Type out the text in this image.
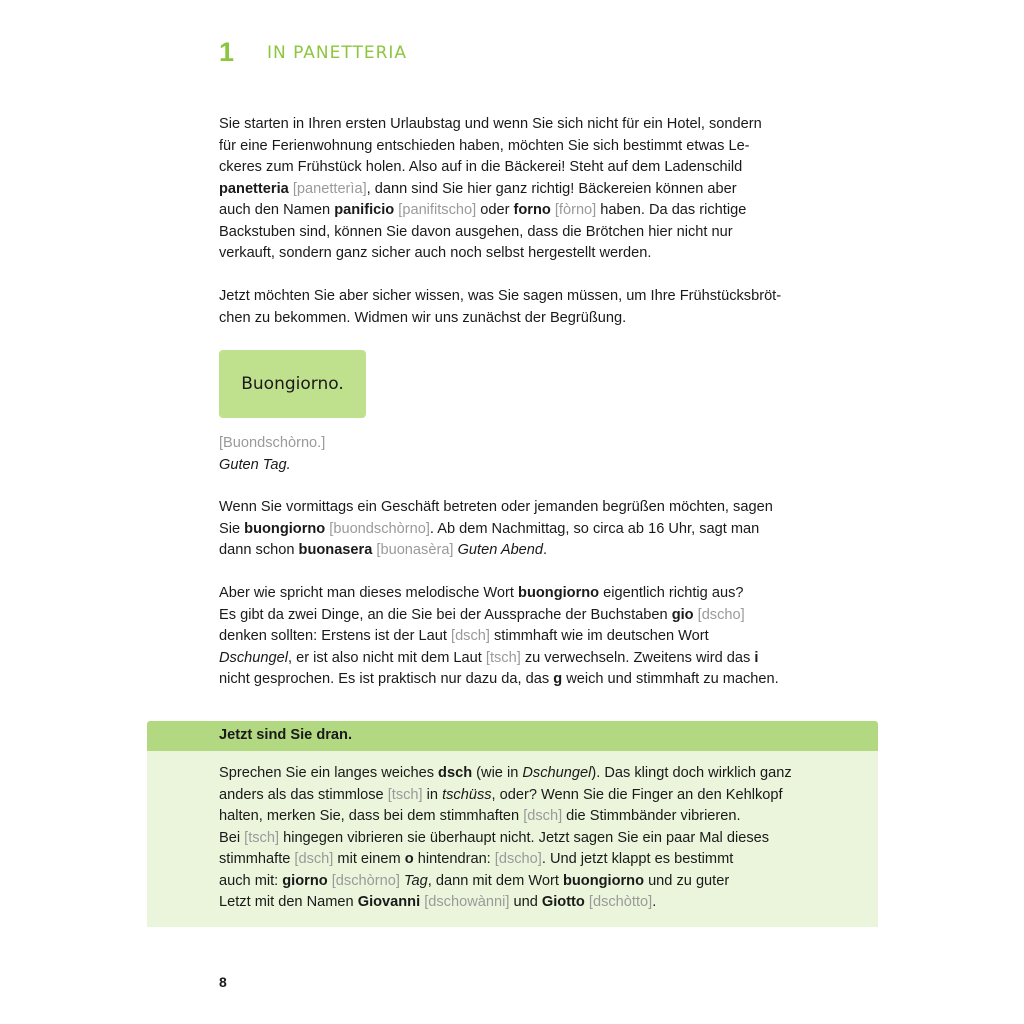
1 IN PANETTERIA

Sie starten in Ihren ersten Urlaubstag und wenn Sie sich nicht für ein Hotel, sondern

für eine Ferienwohnung entschieden haben, möchten Sie sich bestimmt etwas Le-

ckeres zum Frühstück holen. Also auf in die Bäckerei! Steht auf dem Ladenschild

panetteria [panetterìa], dann sind Sie hier ganz richtig! Bäckereien können aber

auch den Namen panificio [panifitscho] oder forno [fòrno] haben. Da das richtige

Backstuben sind, können Sie davon ausgehen, dass die Brötchen hier nicht nur

verkauft, sondern ganz sicher auch noch selbst hergestellt werden.

Jetzt möchten Sie aber sicher wissen, was Sie sagen müssen, um Ihre Frühstücksbröt-

chen zu bekommen. Widmen wir uns zunächst der Begrüßung.

Buongiorno.

[Buondschòrno.]

Guten Tag.

Wenn Sie vormittags ein Geschäft betreten oder jemanden begrüßen möchten, sagen

Sie buongiorno [buondschòrno]. Ab dem Nachmittag, so circa ab 16 Uhr, sagt man

dann schon buonasera [buonasèra] Guten Abend.

Aber wie spricht man dieses melodische Wort buongiorno eigentlich richtig aus?

Es gibt da zwei Dinge, an die Sie bei der Aussprache der Buchstaben gio [dscho]

denken sollten: Erstens ist der Laut [dsch] stimmhaft wie im deutschen Wort

Dschungel, er ist also nicht mit dem Laut [tsch] zu verwechseln. Zweitens wird das i

nicht gesprochen. Es ist praktisch nur dazu da, das g weich und stimmhaft zu machen.

Jetzt sind Sie dran.

Sprechen Sie ein langes weiches dsch (wie in Dschungel). Das klingt doch wirklich ganz

anders als das stimmlose [tsch] in tschüss, oder? Wenn Sie die Finger an den Kehlkopf

halten, merken Sie, dass bei dem stimmhaften [dsch] die Stimmbänder vibrieren.

Bei [tsch] hingegen vibrieren sie überhaupt nicht. Jetzt sagen Sie ein paar Mal dieses

stimmhafte [dsch] mit einem o hintendran: [dscho]. Und jetzt klappt es bestimmt

auch mit: giorno [dschòrno] Tag, dann mit dem Wort buongiorno und zu guter

Letzt mit den Namen Giovanni [dschowànni] und Giotto [dschòtto].

8
